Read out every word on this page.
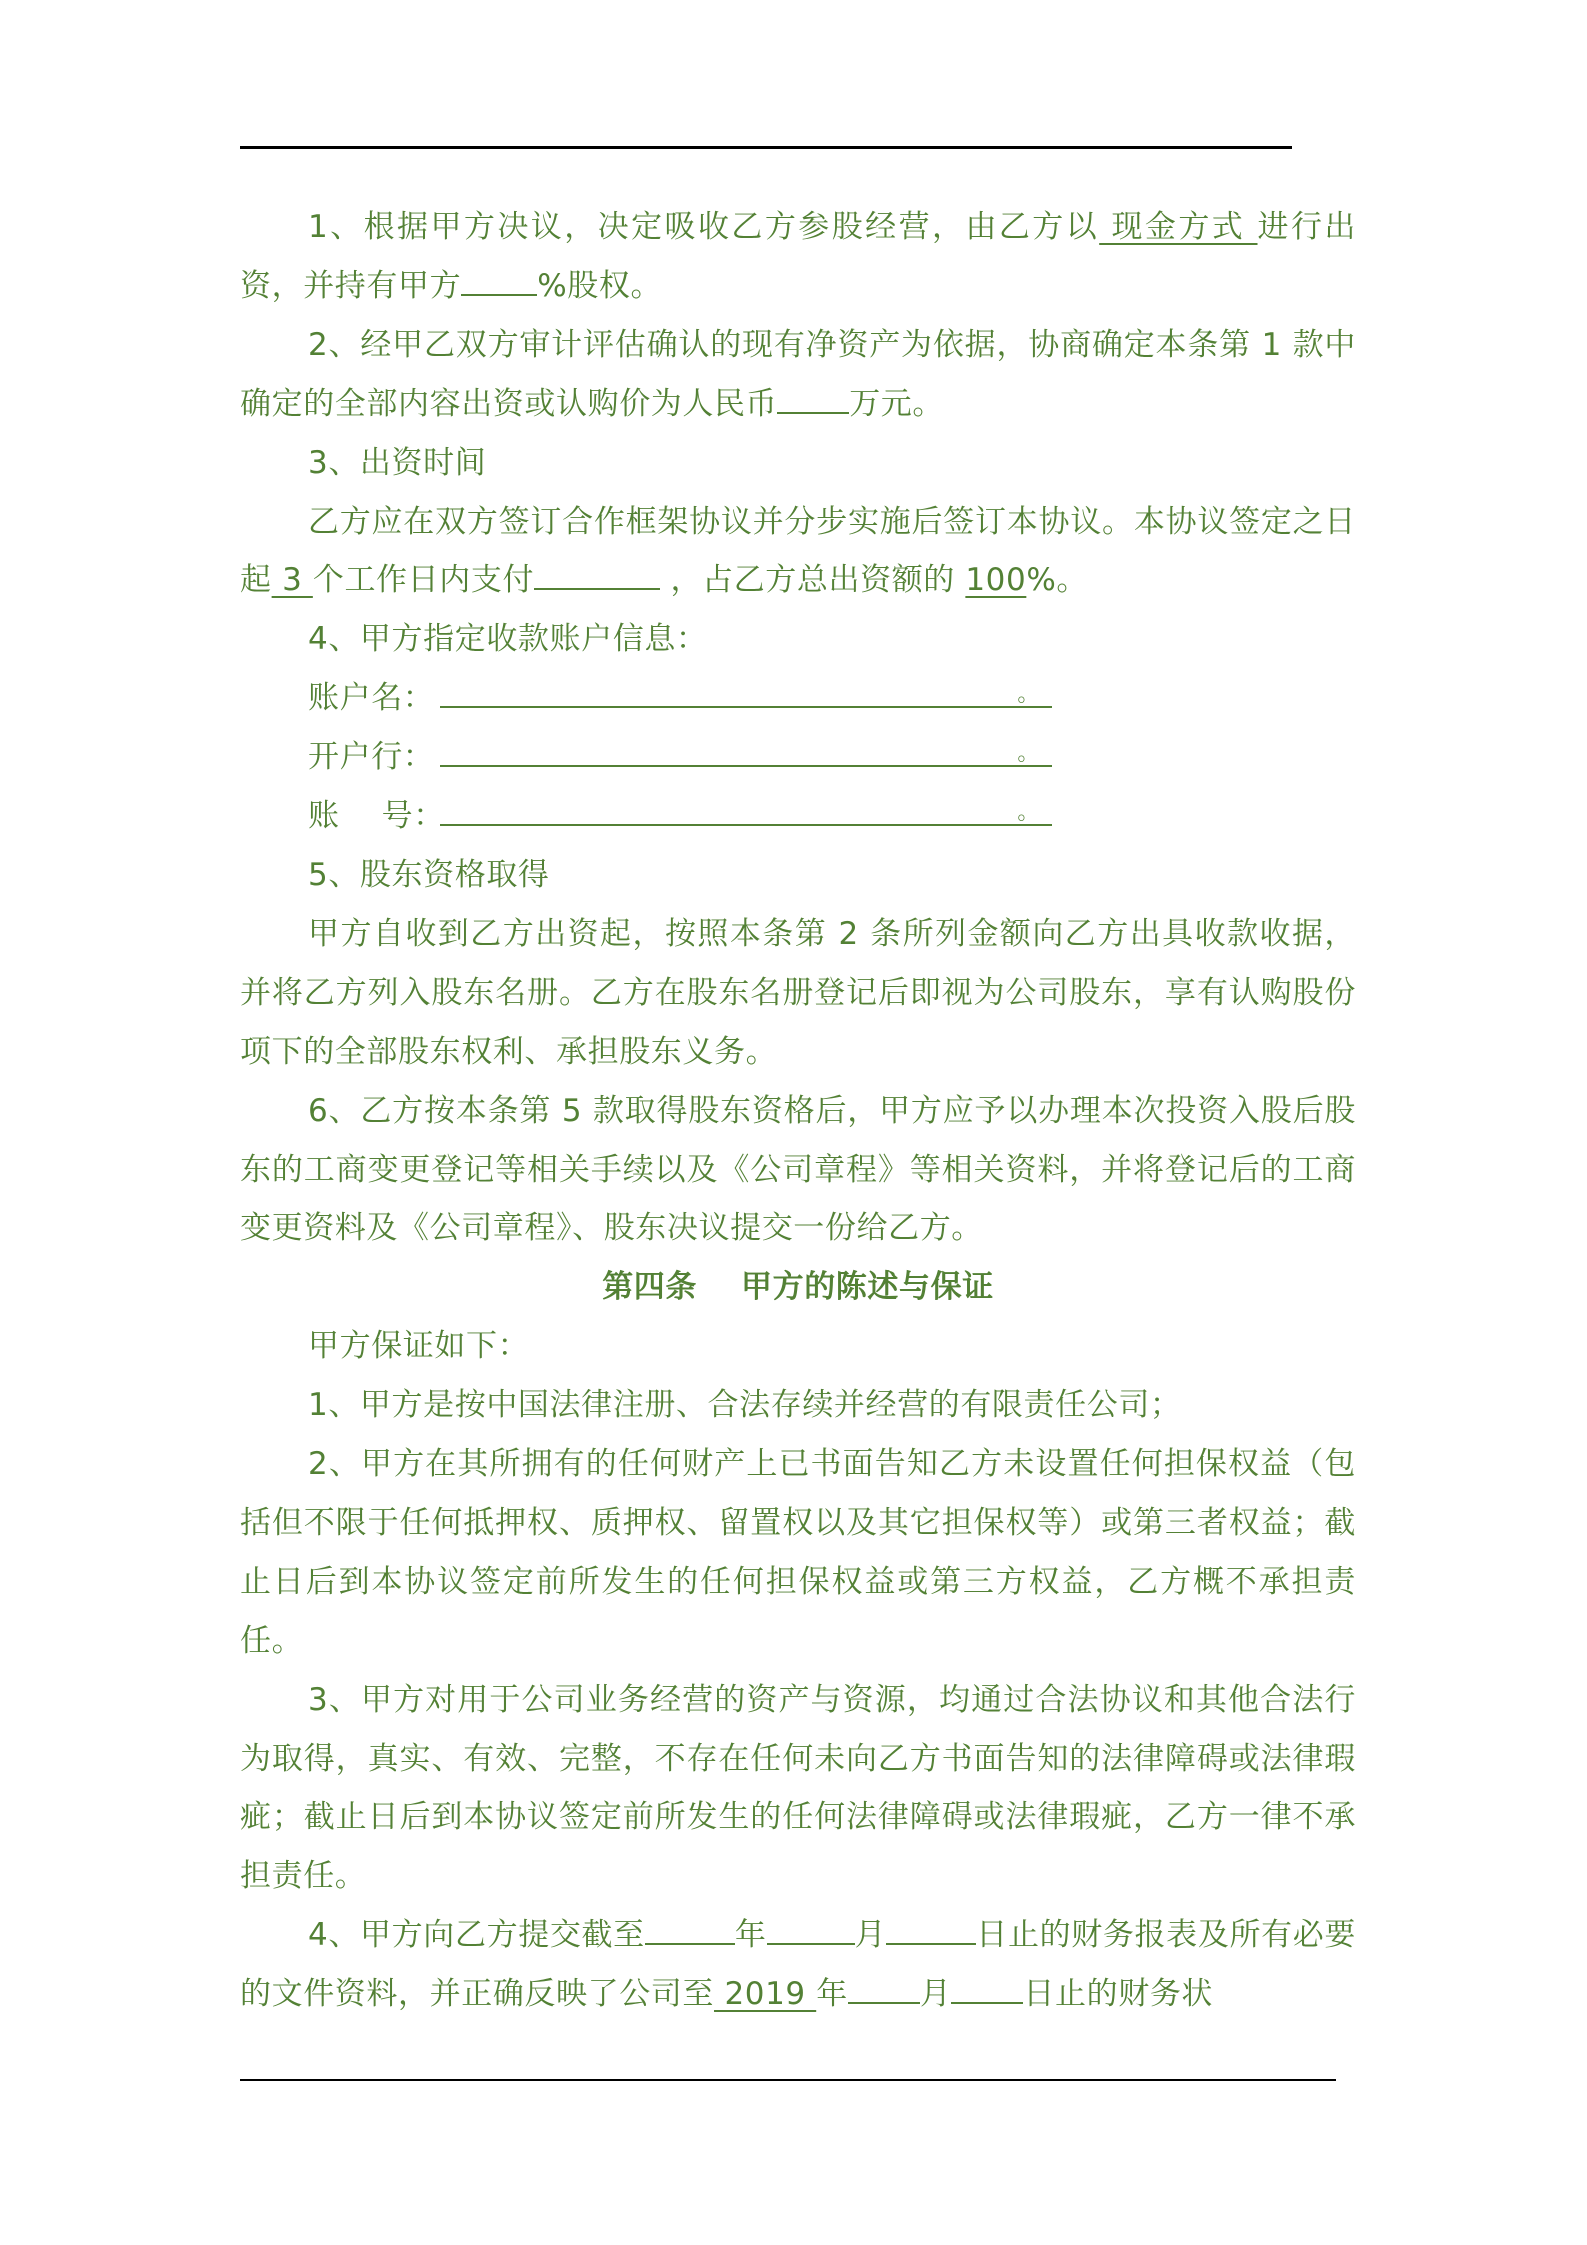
1、根据甲方决议，决定吸收乙方参股经营，由乙方以 现金方式 进行出资，并持有甲方 %股权。

2、经甲乙双方审计评估确认的现有净资产为依据，协商确定本条第 1 款中确定的全部内容出资或认购价为人民币 万元。

3、出资时间

乙方应在双方签订合作框架协议并分步实施后签订本协议。本协议签定之日起 3 个工作日内支付	，占乙方总出资额的 100%。

4、甲方指定收款账户信息：

账户名：	。

开户行：	。

账　 号：	。

5、股东资格取得

甲方自收到乙方出资起，按照本条第 2 条所列金额向乙方出具收款收据，并将乙方列入股东名册。乙方在股东名册登记后即视为公司股东，享有认购股份项下的全部股东权利、承担股东义务。

6、乙方按本条第 5 款取得股东资格后，甲方应予以办理本次投资入股后股东的工商变更登记等相关手续以及《公司章程》等相关资料，并将登记后的工商变更资料及《公司章程》、股东决议提交一份给乙方。

第四条 甲方的陈述与保证

甲方保证如下：

1、甲方是按中国法律注册、合法存续并经营的有限责任公司；

2、甲方在其所拥有的任何财产上已书面告知乙方未设置任何担保权益（包括但不限于任何抵押权、质押权、留置权以及其它担保权等）或第三者权益；截止日后到本协议签定前所发生的任何担保权益或第三方权益，乙方概不承担责任。

3、甲方对用于公司业务经营的资产与资源，均通过合法协议和其他合法行为取得，真实、有效、完整，不存在任何未向乙方书面告知的法律障碍或法律瑕疵；截止日后到本协议签定前所发生的任何法律障碍或法律瑕疵，乙方一律不承担责任。

4、甲方向乙方提交截至	年	月	日止的财务报表及所有必要的文件资料，并正确反映了公司至 2019 年 月 日止的财务状
